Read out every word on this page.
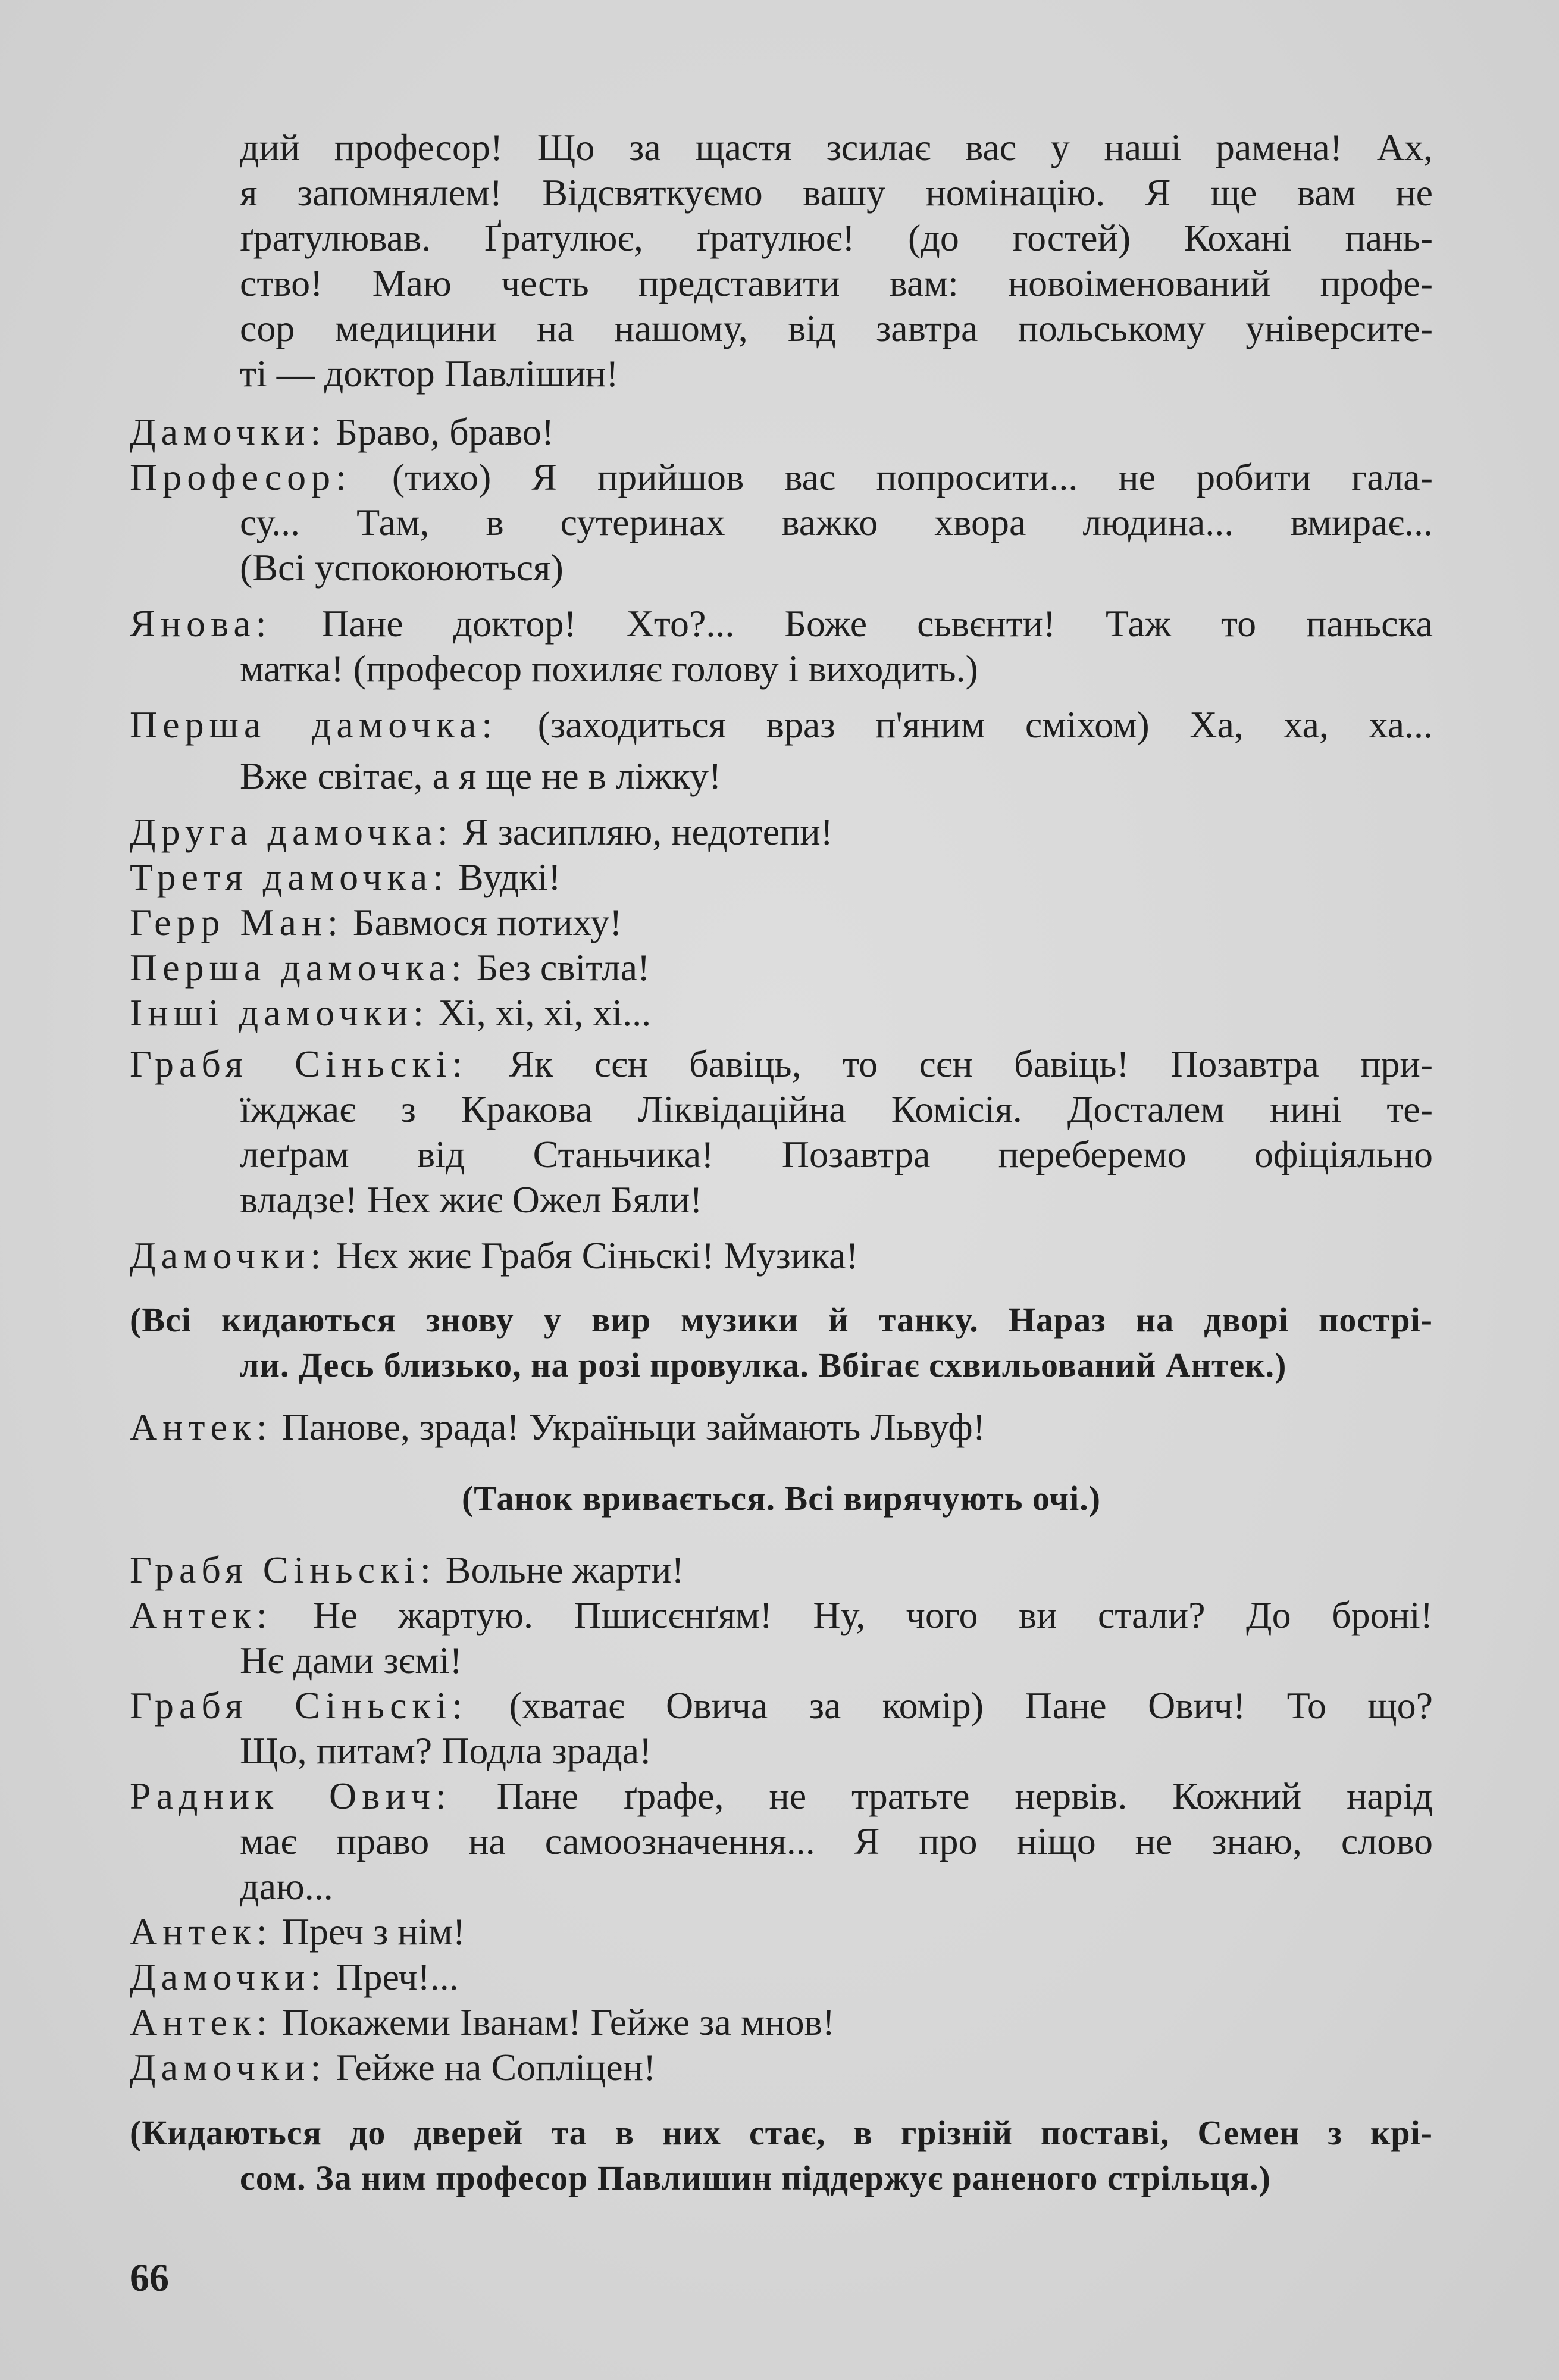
дий професор! Що за щастя зсилає вас у наші рамена! Ах,
я запомнялем! Відсвяткуємо вашу номінацію. Я ще вам не
ґратулював. Ґратулює, ґратулює! (до гостей) Кохані пань-
ство! Маю честь представити вам: новоіменований профе-
сор медицини на нашому, від завтра польському університе-
ті — доктор Павлішин!
Дамочки: Браво, браво!
Професор: (тихо) Я прийшов вас попросити... не робити гала-
су... Там, в сутеринах важко хвора людина... вмирає...
(Всі успокоюються)
Янова: Пане доктор! Хто?... Боже сьвєнти! Таж то паньска
матка! (професор похиляє голову і виходить.)
Перша дамочка: (заходиться враз п'яним сміхом) Ха, ха, ха...
Вже світає, а я ще не в ліжку!
Друга дамочка: Я засипляю, недотепи!
Третя дамочка: Вудкі!
Герр Ман: Бавмося потиху!
Перша дамочка: Без світла!
Інші дамочки: Хі, хі, хі, хі...
Грабя Сіньскі: Як сєн бавіць, то сєн бавіць! Позавтра при-
їжджає з Кракова Ліквідаційна Комісія. Досталем нині те-
леґрам від Станьчика! Позавтра переберемо офіціяльно
владзе! Нех жиє Ожел Бяли!
Дамочки: Нєх жиє Грабя Сіньскі! Музика!
(Всі кидаються знову у вир музики й танку. Нараз на дворі пострі-
ли. Десь близько, на розі провулка. Вбігає схвильований Антек.)
Антек: Панове, зрада! Україньци займають Львуф!
(Танок вривається. Всі вирячують очі.)
Грабя Сіньскі: Вольне жарти!
Антек: Не жартую. Пшисєнґям! Ну, чого ви стали? До броні!
Нє дами зємі!
Грабя Сіньскі: (хватає Овича за комір) Пане Ович! То що?
Що, питам? Подла зрада!
Радник Ович: Пане ґрафе, не тратьте нервів. Кожний нарід
має право на самоозначення... Я про ніщо не знаю, слово
даю...
Антек: Преч з нім!
Дамочки: Преч!...
Антек: Покажеми Іванам! Гейже за мнов!
Дамочки: Гейже на Сопліцен!
(Кидаються до дверей та в них стає, в грізній поставі, Семен з крі-
сом. За ним професор Павлишин піддержує раненого стрільця.)
66
